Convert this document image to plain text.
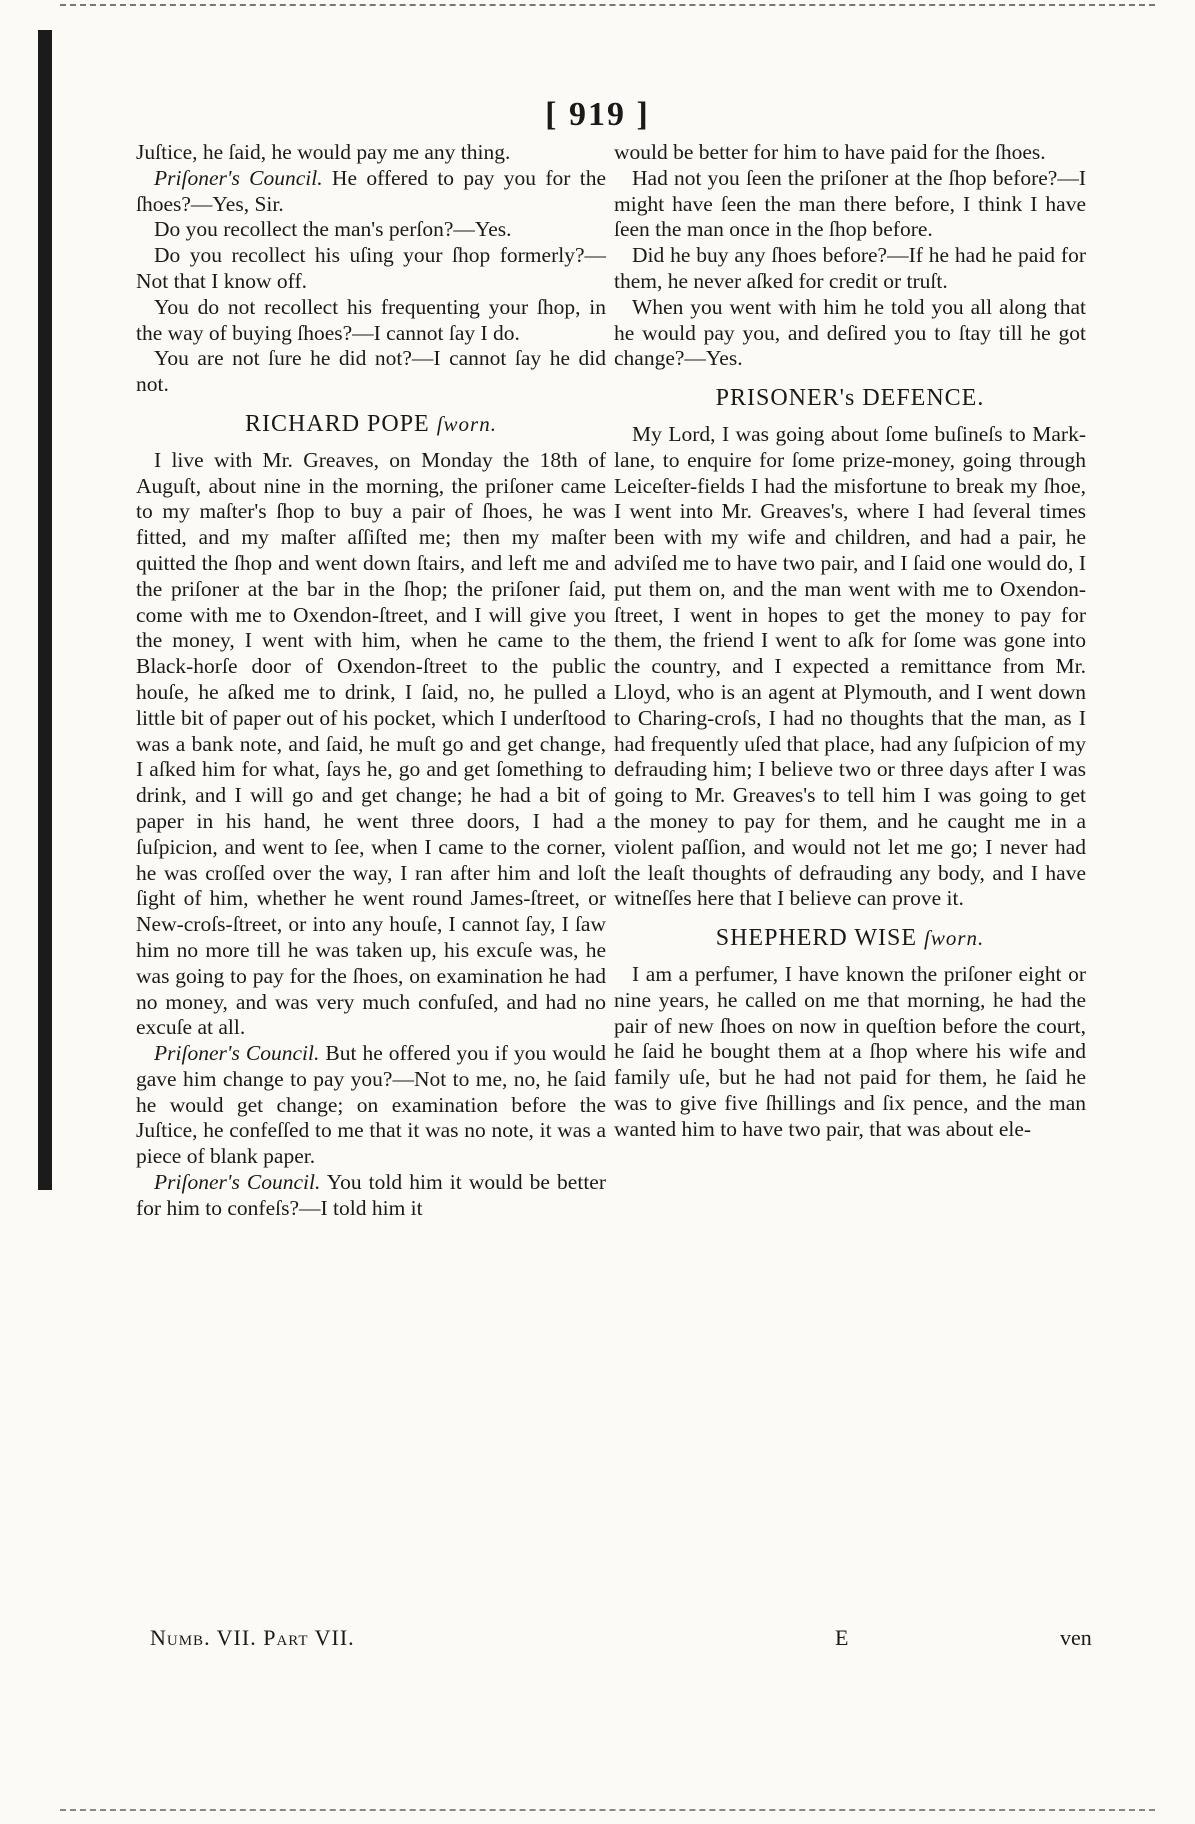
[ 919 ]

Juſtice, he ſaid, he would pay me any thing.

Priſoner's Council. He offered to pay you for the ſhoes?—Yes, Sir.

Do you recollect the man's perſon?—Yes.

Do you recollect his uſing your ſhop formerly?—Not that I know off.

You do not recollect his frequenting your ſhop, in the way of buying ſhoes?—I cannot ſay I do.

You are not ſure he did not?—I cannot ſay he did not.

RICHARD POPE ſworn.

I live with Mr. Greaves, on Monday the 18th of Auguſt, about nine in the morning, the priſoner came to my maſter's ſhop to buy a pair of ſhoes, he was fitted, and my maſter aſſiſted me; then my maſter quitted the ſhop and went down ſtairs, and left me and the priſoner at the bar in the ſhop; the priſoner ſaid, come with me to Oxendon-ſtreet, and I will give you the money, I went with him, when he came to the Black-horſe door of Oxendon-ſtreet to the public houſe, he aſked me to drink, I ſaid, no, he pulled a little bit of paper out of his pocket, which I underſtood was a bank note, and ſaid, he muſt go and get change, I aſked him for what, ſays he, go and get ſomething to drink, and I will go and get change; he had a bit of paper in his hand, he went three doors, I had a ſuſpicion, and went to ſee, when I came to the corner, he was croſſed over the way, I ran after him and loſt ſight of him, whether he went round James-ſtreet, or New-croſs-ſtreet, or into any houſe, I cannot ſay, I ſaw him no more till he was taken up, his excuſe was, he was going to pay for the ſhoes, on examination he had no money, and was very much confuſed, and had no excuſe at all.

Priſoner's Council. But he offered you if you would gave him change to pay you?—Not to me, no, he ſaid he would get change; on examination before the Juſtice, he confeſſed to me that it was no note, it was a piece of blank paper.

Priſoner's Council. You told him it would be better for him to confeſs?—I told him it

would be better for him to have paid for the ſhoes.

Had not you ſeen the priſoner at the ſhop before?—I might have ſeen the man there before, I think I have ſeen the man once in the ſhop before.

Did he buy any ſhoes before?—If he had he paid for them, he never aſked for credit or truſt.

When you went with him he told you all along that he would pay you, and deſired you to ſtay till he got change?—Yes.

PRISONER's DEFENCE.

My Lord, I was going about ſome buſineſs to Mark-lane, to enquire for ſome prize-money, going through Leiceſter-fields I had the misfortune to break my ſhoe, I went into Mr. Greaves's, where I had ſeveral times been with my wife and children, and had a pair, he adviſed me to have two pair, and I ſaid one would do, I put them on, and the man went with me to Oxendon-ſtreet, I went in hopes to get the money to pay for them, the friend I went to aſk for ſome was gone into the country, and I expected a remittance from Mr. Lloyd, who is an agent at Plymouth, and I went down to Charing-croſs, I had no thoughts that the man, as I had frequently uſed that place, had any ſuſpicion of my defrauding him; I believe two or three days after I was going to Mr. Greaves's to tell him I was going to get the money to pay for them, and he caught me in a violent paſſion, and would not let me go; I never had the leaſt thoughts of defrauding any body, and I have witneſſes here that I believe can prove it.

SHEPHERD WISE ſworn.

I am a perfumer, I have known the priſoner eight or nine years, he called on me that morning, he had the pair of new ſhoes on now in queſtion before the court, he ſaid he bought them at a ſhop where his wife and family uſe, but he had not paid for them, he ſaid he was to give five ſhillings and ſix pence, and the man wanted him to have two pair, that was about ele-

Numb. VII. Part VII.	E	ven
